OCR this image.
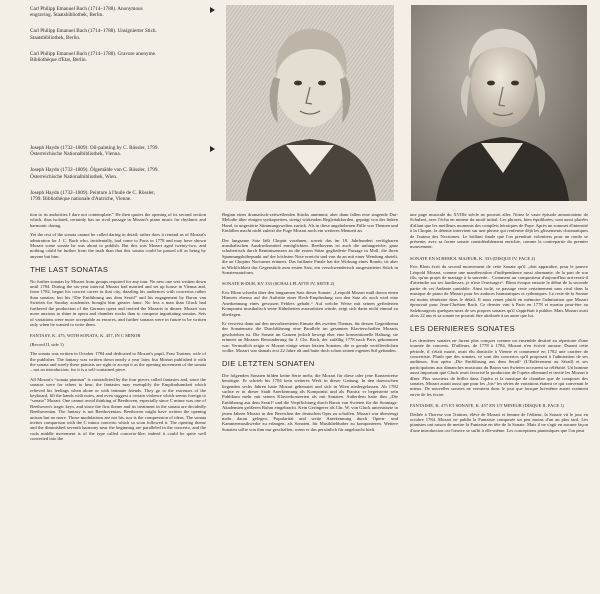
Carl Philipp Emanuel Bach (1714–1788). Anonymous
engraving. Staatsbibliothek, Berlin.
Carl Philipp Emanuel Bach (1714–1788). Unsignierter Stich.
Staatsbibliothek, Berlin.
Carl Philipp Emanuel Bach (1714–1788). Gravure anonyme.
Bibliothèque d'Etat, Berlin.
Joseph Haydn (1732–1809). Oil-painting by C. Rössler, 1799.
Österreichische Nationalbibliothek, Vienna.
Joseph Haydn (1732–1809). Ölgemälde von C. Rössler, 1799.
Österreichische Nationalbibliothek, Wien.
Joseph Haydn (1732–1809). Peinture à l'huile de C. Rössler,
1799. Bibliothèque nationale d'Autriche, Vienne.

tion to its audacities I dare not contemplate.” He then quotes the opening of its second section which, thus isolated, certainly has no rival passage in Mozart's piano music for rhythmic and harmonic daring.

Yet the rest of the sonata cannot be called daring in detail; rather does it remind us of Mozart's admiration for J. C. Bach who, incidentally, had come to Paris in 1778 and may have shown Mozart some sonata he was about to publish. But this was Mozart aged twenty-two, and nothing could be further from the truth than that this sonata could be passed off as being by anyone but him.

THE LAST SONATAS

No further sonatas by Mozart from groups required for any tour. No new one was written down until 1784. During the six-year interval Mozart had married and set up house in Vienna and, from 1782, begun his concert career in that city, dazzling his audiences with concertos rather than sonatas; but his “Die Entführung aus dem Serail” and his engagement by Baron van Swieten for Sunday academies brought him greater fame. No less a man than Gluck had furthered the production of the German opera and invited the Mozarts to dinner. Mozart was more anxious to shine in opera and chamber works than to compose ingratiating sonatas. Sets of variations were more acceptable as encores, and further sonatas were in future to be written only when he wanted to write them.

FANTASY, K. 475, WITH SONATA, K. 457, IN C MINOR

(Record II, side 1)

The sonata was written in October 1784 and dedicated to Mozart's pupil, Frau Trattner, wife of the publisher. The fantasy was written down nearly a year later, but Mozart published it with the sonata and surely these pianists are right to accept it as the opening movement of the sonata – not an introduction, for it is a self-contained piece.

All Mozart's “sonata pianism” is contradicted by the four pieces called fantasies and, since the sonatas were for others to hear, the fantasies may exemplify the Empfindsamkeit which relieved his feelings when alone or with intimate friends. They go to the extremes of the keyboard, fill the hands with notes, and even suggest a certain violence which seems foreign to “sonata” Mozart. One cannot avoid thinking of Beethoven, especially since C minor was one of Beethoven's tragic keys, and since the first theme and its treatment in the sonata are decidedly Beethovenian. The fantasy is not Beethovenian. Beethoven might have written the opening unison but no more. Those modulations are not his, nor is the compression of ideas. The sonata invites comparison with the C minor concerto which so soon followed it. The opening theme and the diminished seventh harmony near the beginning are paralleled in the concerto, and the coda middle movement is of the type called concerto-like; indeed it could be quite well converted into the

Beginn eines dramatisch-zeitweilenden Stücks annimmt; aber dann fallen eine singende Dur-Melodie über einigen synkopierten, streigt wirkenden Begleitakkorden, geprägt von der linken Hand, in ungestörte Stimmungswelten zurück. Als in diese angehobenen Fülle von Themen und Einfällen macht nicht zuletzt die Fuge Mozart noch ein weiteres Menuett an.

Der langsame Satz läßt Chopin vorahnen, soweit das im 18. Jahrhundert verfügbaren musikalischen Ausdrucksmittel ermöglichten. Beethovens ist auch die unfangreiche, ganz schubertisch durch Reminiszenzen an die ersten Sätze gegliederte Passage in Moll, die ihren Spannungshöhepunkt auf der höchsten Note erreicht und von da an mit einer Wendung abzielt, die an Chopins Nocturnes erinnert. Das brillante Finale hat die Wirkung eines Rondo, ist aber in Wirklichkeit das Gegenstück zum ersten Satz, ein verschwenderisch ausgestattetes Stück in Sonatensatzform.

SONATE B-DUR, KV 333 (SCHALLPLATTE IV, SEITE 2)

Eric Blom schreibt über den langsamen Satz dieser Sonate: „Leopold Mozart muß davon einen Hinweis ebenso auf die Auftritte einer Hoch-Empfindung von den Satz als auch wird eine Anerkennung eines gewissen Fehlers gehabt.“ Auf welche Weise mit seinen gefiederten Komponist musikalisch seine Kühnheiten auszurüsten würde, zeigt sich darin nicht einmal zu überlegen.

Er verweist dann auf den unvorbereiteten Einsatz des zweiten Themas, für dessen Gegenthema der Sonatensatz die Durchführung eine Parallele im gesamten Klavierschaffen Mozarts geschrieben ist. Die Sonate im Ganzen jedoch bewegt eher eine konventionelle Haltung, sie erinnert an Mozarts Bewunderung für J. Chr. Bach, der zufällig 1778 nach Paris gekommen war. Vermutlich zeigte er Mozart einige seiner letzten Sonaten, die er gerade veröffentlichen wollte. Mozart war damals erst 22 Jahre alt und hatte doch schon seinen eigenen Stil gefunden.

DIE LETZTEN SONATEN

Die folgenden Sonaten bilden keine Serie mehr, die Mozart für diese oder jene Konzertreise benötigte. Er schrieb bis 1784 kein weiteres Werk in dieser Gattung. In den dazwischen liegenden sechs Jahren hatte Mozart geheiratet und sich in Wien niedergelassen. Ab 1782 suchte er in dieser Stadt Anerkennung als Komponist und als Pianist; er begeisterte sein Publikum mehr mit seinen Klavierkonzerten als mit Sonaten. Außerdem hatte ihm „Die Entführung aus dem Serail“ und die Verpflichtung durch Baron van Swieten für die Sonntags-Akademien größeren Ruhm eingebracht. Kein Geringerer als Chr. W. von Gluck unterstützte in jenen Jahren Mozart in den Bereichen der deutschen Oper zu schaffen. Mozart war überzeugt mehr daran gelegen, Popularität und weite Anerkennung durch Opern- und Kammermusikwerke zu erlangen, als Sonaten, für Musikliebhaber zu komponieren. Weitere Sonaten sollte von ihm nur geschaffen, wenn er das persönlich für angebracht hielt.

une page musicale du XVIIIe siècle ne pouvait aller. Notez le vaste épisode annonciateur de Schubert, avec l'écho en mineur du motif initial. Les phrases, bien équilibrées, sont aussi placées d'allant que les meilleurs moments des complets héroïques de Pope. Après un sommet d'intensité à la Chopin, la détente intervient sur une phrase qui renferme déjà les glissements chromatiques de l'auteur des Nocturnes. Le brillant finale que l'on prendrait volontiers pour un rondo se présente, avec sa forme sonate considérablement enrichie, comme la contrepartie du premier mouvement.

SONATE EN SI BEMOL MAJEUR, K. 333 (DISQUE IV, FACE 2)

Eric Blom écrit du second mouvement de cette Sonate qu'il „doit apparaître, pour le pauvre Léopold Mozart, comme une manifestation d'indépendance aussi alarmante, de la part de son fils, qu'un projet de mariage à la sauvette... Comment un compositeur d'aujourd'hui arriverait-il d'atteindre sur ses hardiesses, je n'ose l'envisager“. Blom évoque ensuite le début de la seconde partie de cet Andante cantabile. Ainsi isolé, ce passage reste certainement sans rival dans la musique de piano de Mozart pour les audaces harmoniques et rythmiques. Le reste de la Sonate est moins téméraire dans le détail. Il nous remet plutôt en mémoire l'admiration que Mozart éprouvait pour Jean-Chrétien Bach. Ce dernier vint à Paris en 1778 et montra peut-être au Salzbourgeois quelques-unes de ses propres sonates qu'il s'apprêtait à publier. Mais Mozart avait alors 22 ans et sa sonate ne pouvait être attribuée à un autre que lui.

LES DERNIERES SONATES

Les dernières sonates ne furent plus conçues comme un ensemble destiné au répertoire d'une tournée de concerts. D'ailleurs, de 1778 à 1784, Mozart n'en écrivit aucune. Durant cette période, il s'était marié, avait élu domicile à Vienne et commencé en 1782 une carrière de concertiste. Plutôt que des sonates, ce sont des concertos qu'il proposait à l'admiration de ses auditeurs. Son opéra „Die Entführung aus dem Serail“ (L'Enlèvement au Sérail) et ses participations aux dimanches musicaux du Baron van Swieten accrurent sa célébrité. Un homme aussi important que Gluck avait favorisé la production de l'opéra allemand et invité les Mozart à dîner. Plus soucieux de briller dans l'opéra et la musique de chambre que de composer des sonates, Mozart aurait aussi que pour les „bis“ les séries de variations étaient ce qui convenait le mieux. De nouvelles sonates ne verraient donc le jour que lorsque lui-même aurait vraiment envie de les écrire.

FANTAISIE, K. 475 ET SONATE, K. 457 EN UT MINEUR (DISQUE II, FACE 1)

Dédiée à Therese von Trattner, élève de Mozart et femme de l'éditeur, la Sonate vit le jour en octobre 1784. Mozart ne publia la Fantaisie composée un peu moins d'un an plus tard. Les pianistes ont raison de mettre la Fantaisie en tête de la Sonate. Mais il ne s'agit en aucune façon d'une introduction car l'œuvre se suffit à elle-même. Les conceptions pianistiques que l'on peut
